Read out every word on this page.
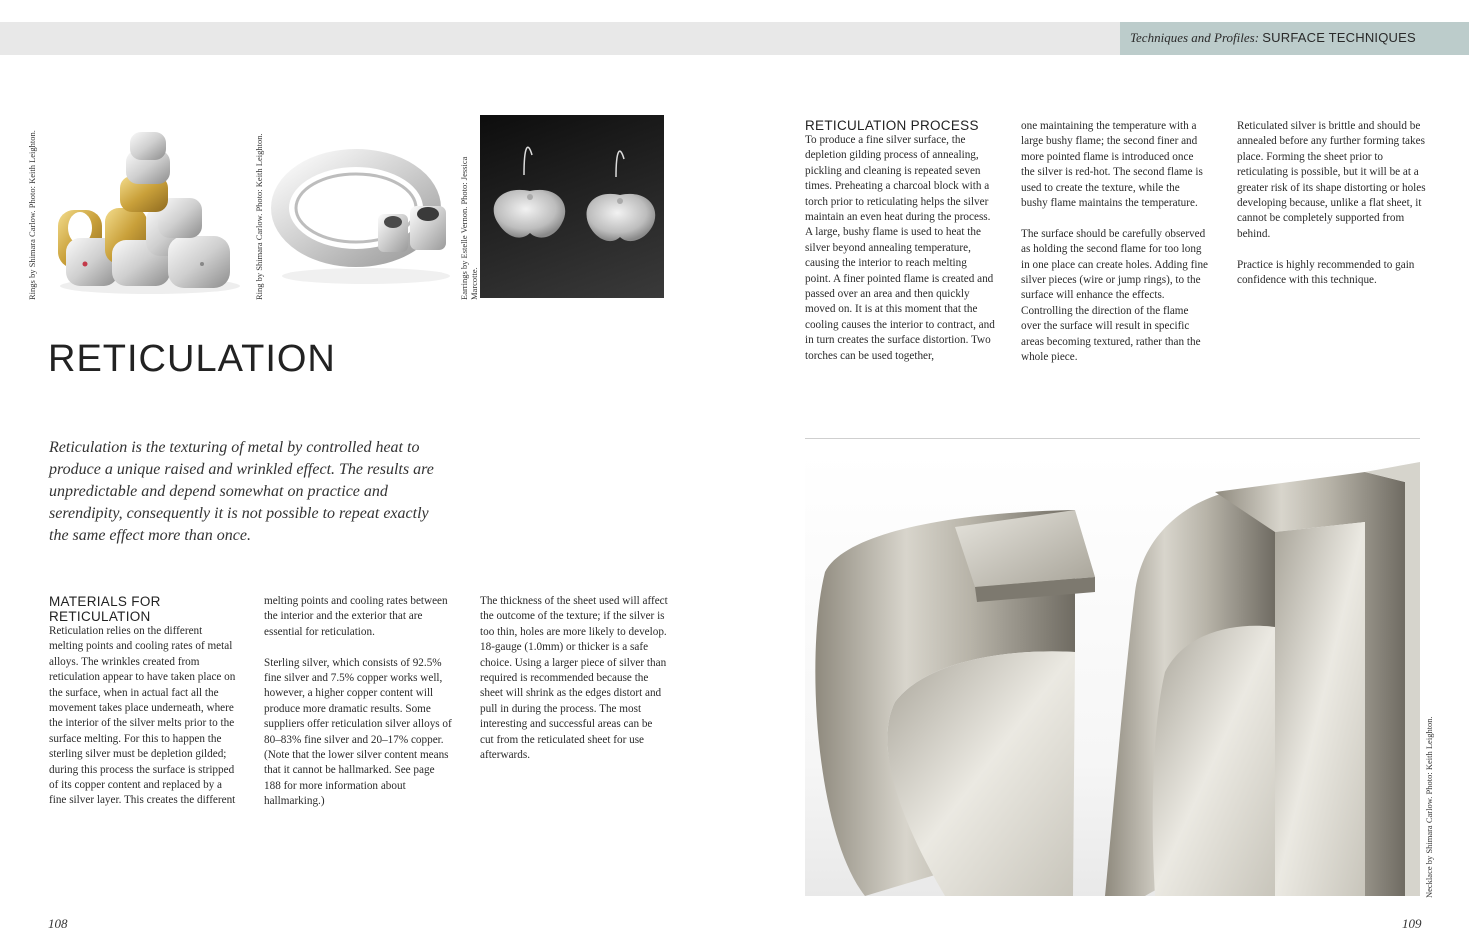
Techniques and Profiles: SURFACE TECHNIQUES
Rings by Shimara Carlow. Photo: Keith Leighton.	Ring by Shimara Carlow. Photo: Keith Leighton.	Earrings by Estelle Vernon. Photo: Jessica Marcotte.
RETICULATION
Reticulation is the texturing of metal by controlled heat to produce a unique raised and wrinkled effect. The results are unpredictable and depend somewhat on practice and serendipity, consequently it is not possible to repeat exactly the same effect more than once.
MATERIALS FOR
RETICULATION

Reticulation relies on the different melting points and cooling rates of metal alloys. The wrinkles created from reticulation appear to have taken place on the surface, when in actual fact all the movement takes place underneath, where the interior of the silver melts prior to the surface melting. For this to happen the sterling silver must be depletion gilded; during this process the surface is stripped of its copper content and replaced by a fine silver layer. This creates the different

melting points and cooling rates between the interior and the exterior that are essential for reticulation.

Sterling silver, which consists of 92.5% fine silver and 7.5% copper works well, however, a higher copper content will produce more dramatic results. Some suppliers offer reticulation silver alloys of 80–83% fine silver and 20–17% copper. (Note that the lower silver content means that it cannot be hallmarked. See page 188 for more information about hallmarking.)

The thickness of the sheet used will affect the outcome of the texture; if the silver is too thin, holes are more likely to develop. 18-gauge (1.0mm) or thicker is a safe choice. Using a larger piece of silver than required is recommended because the sheet will shrink as the edges distort and pull in during the process. The most interesting and successful areas can be cut from the reticulated sheet for use afterwards.

RETICULATION PROCESS

To produce a fine silver surface, the depletion gilding process of annealing, pickling and cleaning is repeated seven times. Preheating a charcoal block with a torch prior to reticulating helps the silver maintain an even heat during the process. A large, bushy flame is used to heat the silver beyond annealing temperature, causing the interior to reach melting point. A finer pointed flame is created and passed over an area and then quickly moved on. It is at this moment that the cooling causes the interior to contract, and in turn creates the surface distortion. Two torches can be used together,

one maintaining the temperature with a large bushy flame; the second finer and more pointed flame is introduced once the silver is red-hot. The second flame is used to create the texture, while the bushy flame maintains the temperature.

The surface should be carefully observed as holding the second flame for too long in one place can create holes. Adding fine silver pieces (wire or jump rings), to the surface will enhance the effects. Controlling the direction of the flame over the surface will result in specific areas becoming textured, rather than the whole piece.

Reticulated silver is brittle and should be annealed before any further forming takes place. Forming the sheet prior to reticulating is possible, but it will be at a greater risk of its shape distorting or holes developing because, unlike a flat sheet, it cannot be completely supported from behind.

Practice is highly recommended to gain confidence with this technique.

Necklace by Shimara Carlow. Photo: Keith Leighton.
108	109
